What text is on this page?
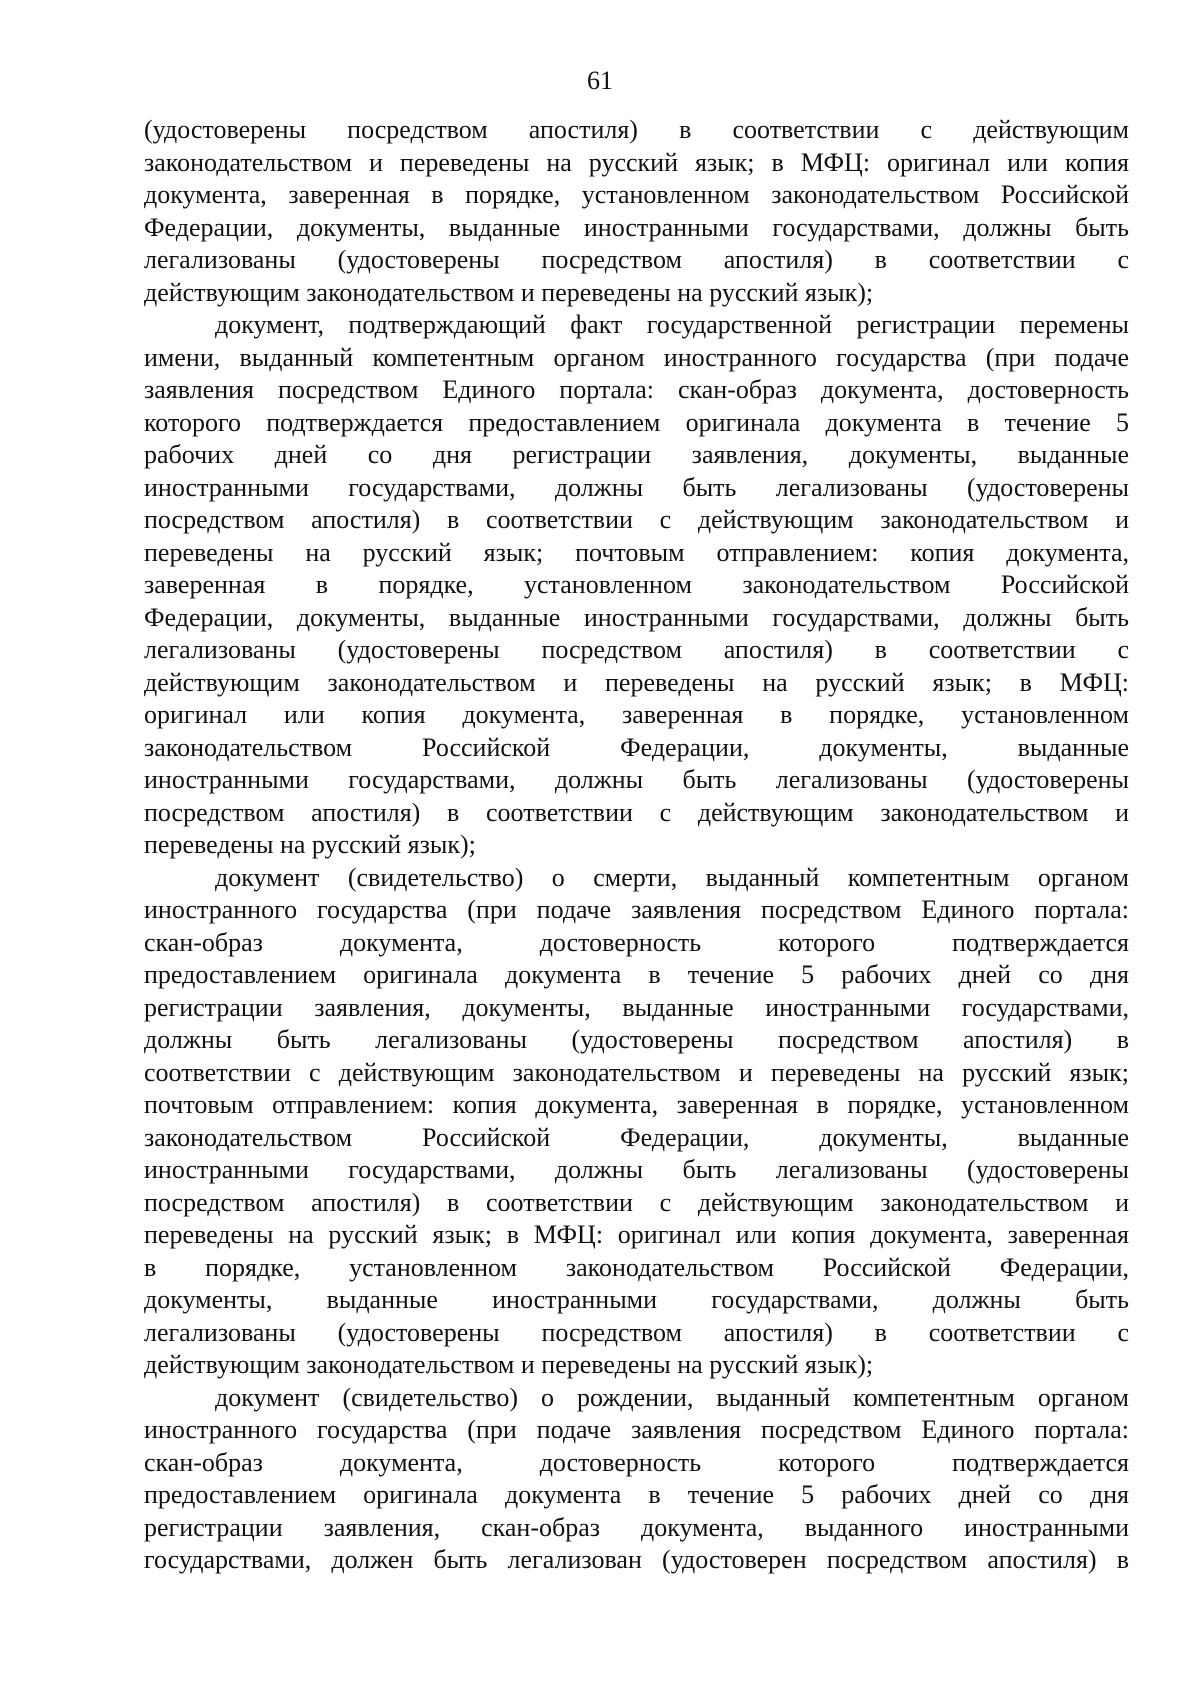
61
(удостоверены посредством апостиля) в соответствии с действующим
законодательством и переведены на русский язык; в МФЦ: оригинал или копия
документа, заверенная в порядке, установленном законодательством Российской
Федерации, документы, выданные иностранными государствами, должны быть
легализованы (удостоверены посредством апостиля) в соответствии с
действующим законодательством и переведены на русский язык);
документ, подтверждающий факт государственной регистрации перемены
имени, выданный компетентным органом иностранного государства (при подаче
заявления посредством Единого портала: скан-образ документа, достоверность
которого подтверждается предоставлением оригинала документа в течение 5
рабочих дней со дня регистрации заявления, документы, выданные
иностранными государствами, должны быть легализованы (удостоверены
посредством апостиля) в соответствии с действующим законодательством и
переведены на русский язык; почтовым отправлением: копия документа,
заверенная в порядке, установленном законодательством Российской
Федерации, документы, выданные иностранными государствами, должны быть
легализованы (удостоверены посредством апостиля) в соответствии с
действующим законодательством и переведены на русский язык; в МФЦ:
оригинал или копия документа, заверенная в порядке, установленном
законодательством Российской Федерации, документы, выданные
иностранными государствами, должны быть легализованы (удостоверены
посредством апостиля) в соответствии с действующим законодательством и
переведены на русский язык);
документ (свидетельство) о смерти, выданный компетентным органом
иностранного государства (при подаче заявления посредством Единого портала:
скан-образ документа, достоверность которого подтверждается
предоставлением оригинала документа в течение 5 рабочих дней со дня
регистрации заявления, документы, выданные иностранными государствами,
должны быть легализованы (удостоверены посредством апостиля) в
соответствии с действующим законодательством и переведены на русский язык;
почтовым отправлением: копия документа, заверенная в порядке, установленном
законодательством Российской Федерации, документы, выданные
иностранными государствами, должны быть легализованы (удостоверены
посредством апостиля) в соответствии с действующим законодательством и
переведены на русский язык; в МФЦ: оригинал или копия документа, заверенная
в порядке, установленном законодательством Российской Федерации,
документы, выданные иностранными государствами, должны быть
легализованы (удостоверены посредством апостиля) в соответствии с
действующим законодательством и переведены на русский язык);
документ (свидетельство) о рождении, выданный компетентным органом
иностранного государства (при подаче заявления посредством Единого портала:
скан-образ документа, достоверность которого подтверждается
предоставлением оригинала документа в течение 5 рабочих дней со дня
регистрации заявления, скан-образ документа, выданного иностранными
государствами, должен быть легализован (удостоверен посредством апостиля) в
